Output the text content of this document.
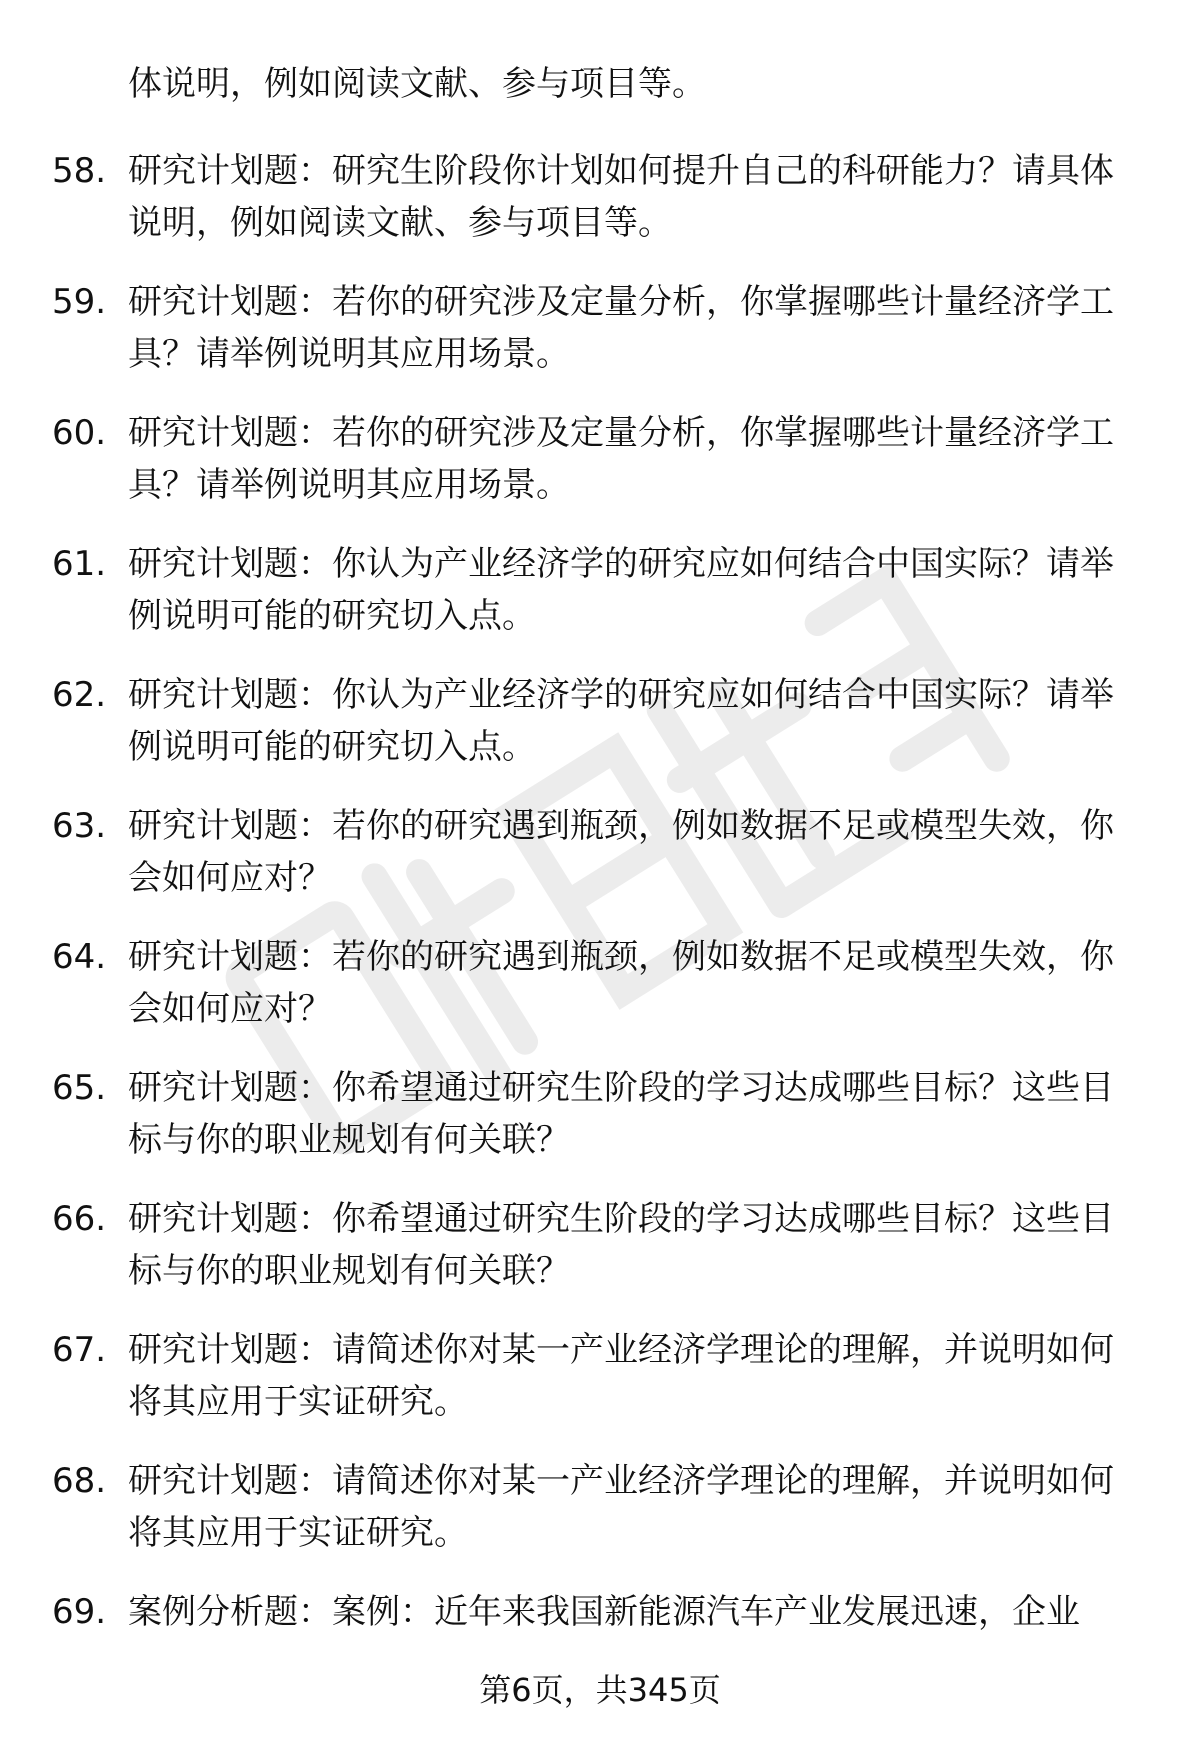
体说明，例如阅读文献、参与项目等。
58. 研究计划题：研究生阶段你计划如何提升自己的科研能力？请具体说明，例如阅读文献、参与项目等。
59. 研究计划题：若你的研究涉及定量分析，你掌握哪些计量经济学工具？请举例说明其应用场景。
60. 研究计划题：若你的研究涉及定量分析，你掌握哪些计量经济学工具？请举例说明其应用场景。
61. 研究计划题：你认为产业经济学的研究应如何结合中国实际？请举例说明可能的研究切入点。
62. 研究计划题：你认为产业经济学的研究应如何结合中国实际？请举例说明可能的研究切入点。
63. 研究计划题：若你的研究遇到瓶颈，例如数据不足或模型失效，你会如何应对？
64. 研究计划题：若你的研究遇到瓶颈，例如数据不足或模型失效，你会如何应对？
65. 研究计划题：你希望通过研究生阶段的学习达成哪些目标？这些目标与你的职业规划有何关联？
66. 研究计划题：你希望通过研究生阶段的学习达成哪些目标？这些目标与你的职业规划有何关联？
67. 研究计划题：请简述你对某一产业经济学理论的理解，并说明如何将其应用于实证研究。
68. 研究计划题：请简述你对某一产业经济学理论的理解，并说明如何将其应用于实证研究。
69. 案例分析题：案例：近年来我国新能源汽车产业发展迅速，企业
第6页，共345页
